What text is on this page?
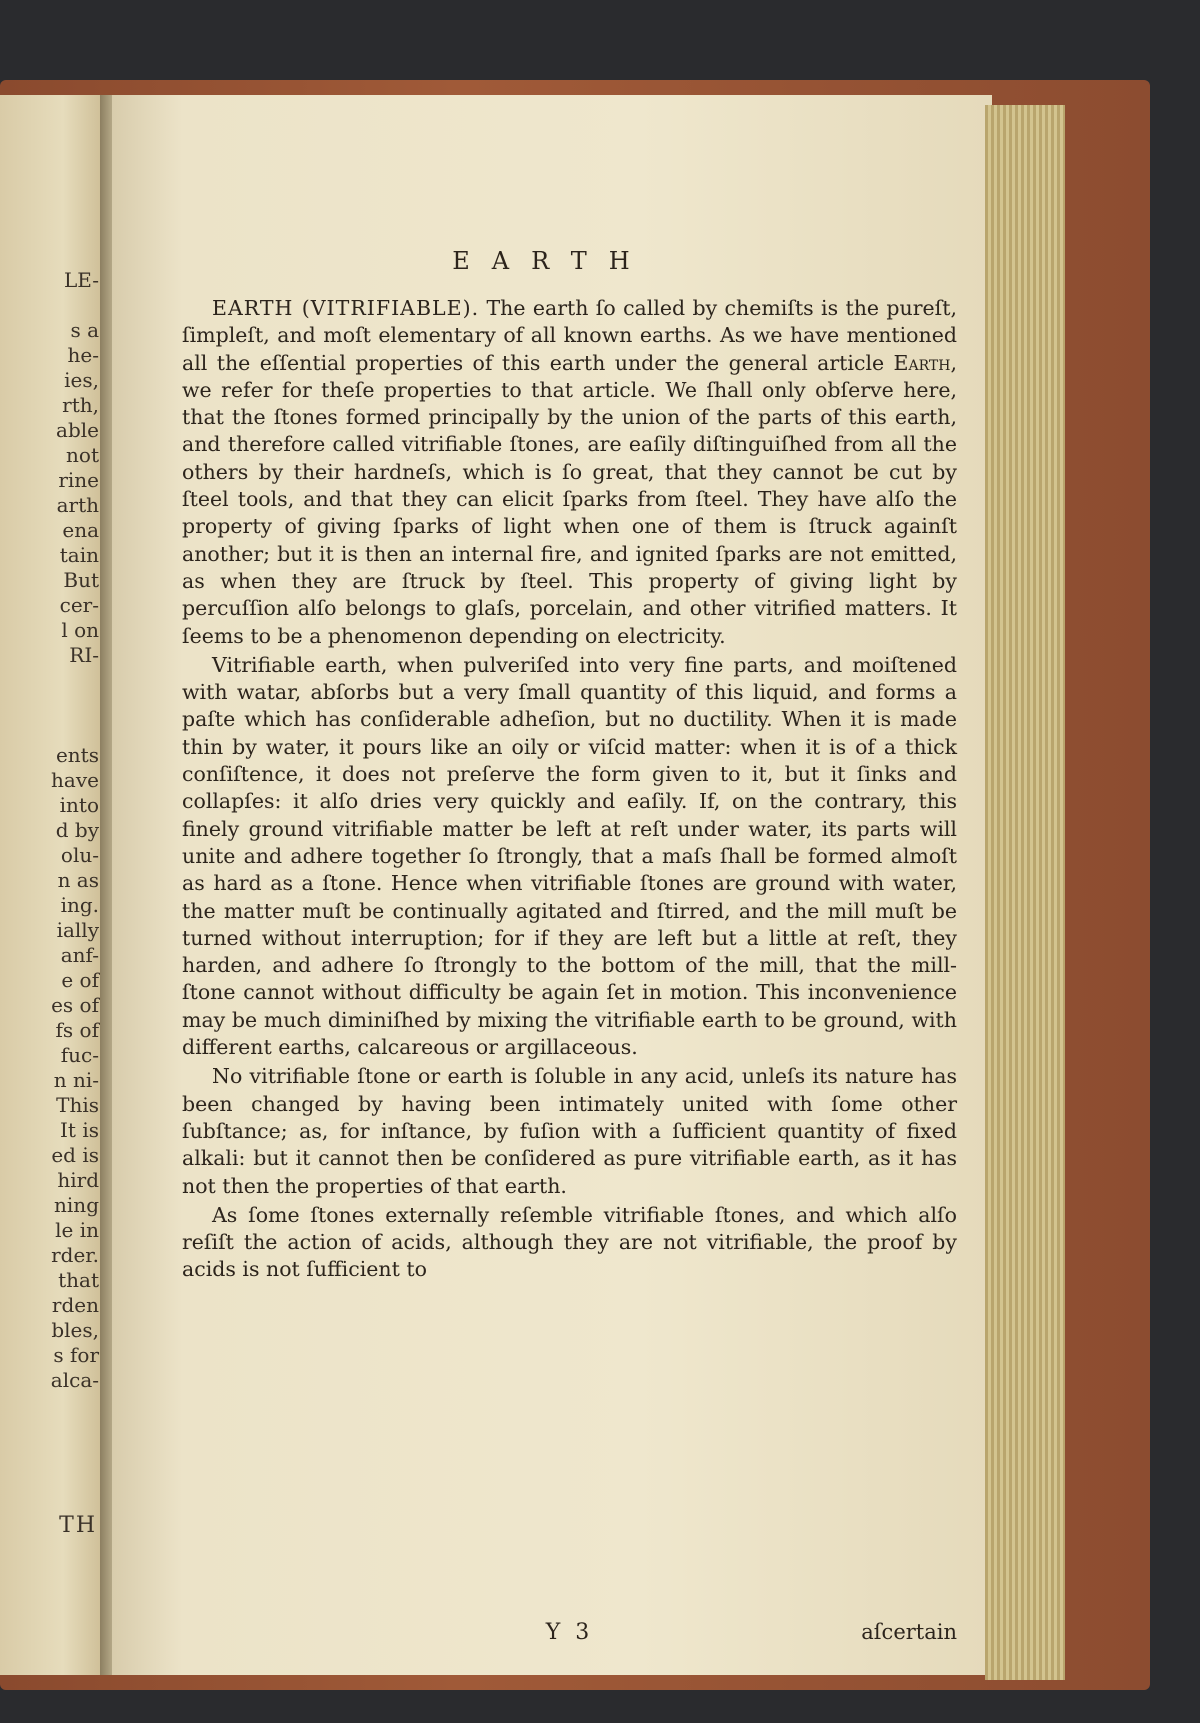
LE-
s a
he-
ies,
rth,
able
not
rine
arth
ena
tain
But
cer-
l on
RI-
ents
have
into
d by
olu-
n as
ing.
ially
anf-
e of
es of
fs of
fuc-
n ni-
This
It is
ed is
hird
ning
le in
rder.
that
rden
bles,
s for
alca-
TH
EARTH

EARTH (VITRIFIABLE). The earth ſo called by chemiſts is the pureſt, ſimpleſt, and moſt elementary of all known earths. As we have mentioned all the eſſential properties of this earth under the general article Earth, we refer for theſe properties to that article. We ſhall only obſerve here, that the ſtones formed principally by the union of the parts of this earth, and therefore called vitrifiable ſtones, are eaſily diſtinguiſhed from all the others by their hardneſs, which is ſo great, that they cannot be cut by ſteel tools, and that they can elicit ſparks from ſteel. They have alſo the property of giving ſparks of light when one of them is ſtruck againſt another; but it is then an internal fire, and ignited ſparks are not emitted, as when they are ſtruck by ſteel. This property of giving light by percuſſion alſo belongs to glaſs, porcelain, and other vitrified matters. It ſeems to be a phenomenon depending on electricity.

Vitrifiable earth, when pulveriſed into very fine parts, and moiſtened with watar, abſorbs but a very ſmall quantity of this liquid, and forms a paſte which has conſiderable adheſion, but no ductility. When it is made thin by water, it pours like an oily or viſcid matter: when it is of a thick conſiſtence, it does not preſerve the form given to it, but it ſinks and collapſes: it alſo dries very quickly and eaſily. If, on the contrary, this finely ground vitrifiable matter be left at reſt under water, its parts will unite and adhere together ſo ſtrongly, that a maſs ſhall be formed almoſt as hard as a ſtone. Hence when vitrifiable ſtones are ground with water, the matter muſt be continually agitated and ſtirred, and the mill muſt be turned without interruption; for if they are left but a little at reſt, they harden, and adhere ſo ſtrongly to the bottom of the mill, that the mill-ſtone cannot without difficulty be again ſet in motion. This inconvenience may be much diminiſhed by mixing the vitrifiable earth to be ground, with different earths, calcareous or argillaceous.

No vitrifiable ſtone or earth is ſoluble in any acid, unleſs its nature has been changed by having been intimately united with ſome other ſubſtance; as, for inſtance, by fuſion with a ſufficient quantity of fixed alkali: but it cannot then be conſidered as pure vitrifiable earth, as it has not then the properties of that earth.

As ſome ſtones externally reſemble vitrifiable ſtones, and which alſo reſiſt the action of acids, although they are not vitrifiable, the proof by acids is not ſufficient to

Y 3	aſcertain
